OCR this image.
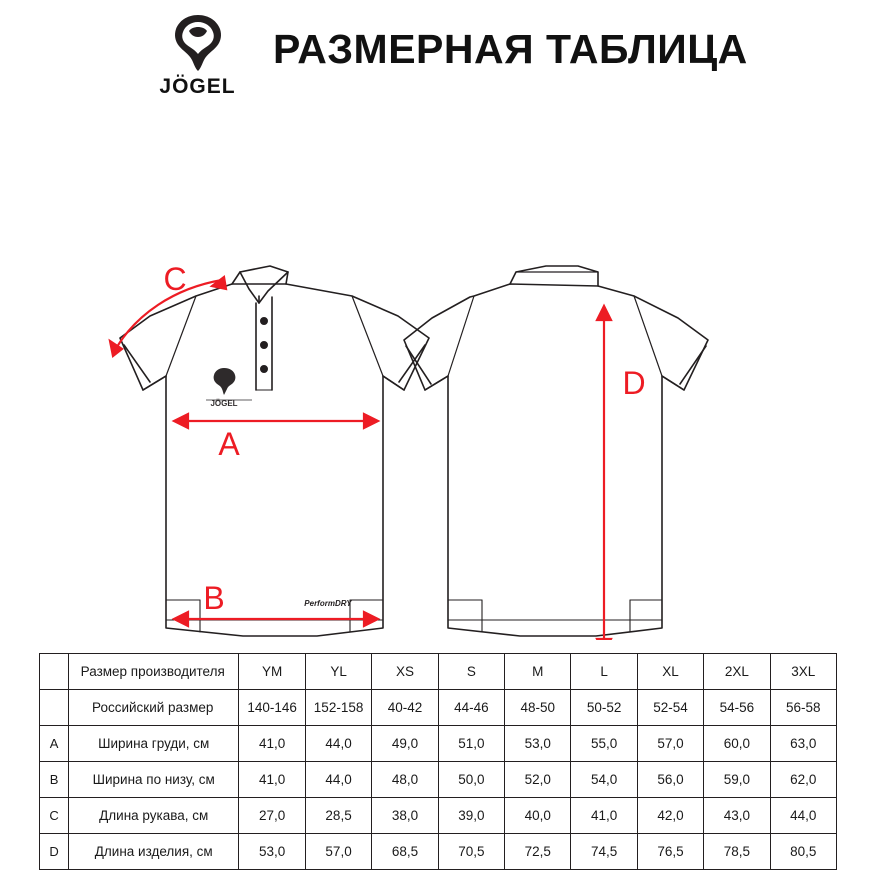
JÖGEL
РАЗМЕРНАЯ ТАБЛИЦА
JÖGEL
PerformDRY
C
A
B
D
	Размер производителя	YM	YL	XS	S	M	L	XL	2XL	3XL
	Российский размер	140-146	152-158	40-42	44-46	48-50	50-52	52-54	54-56	56-58
A	Ширина груди, см	41,0	44,0	49,0	51,0	53,0	55,0	57,0	60,0	63,0
B	Ширина по низу, см	41,0	44,0	48,0	50,0	52,0	54,0	56,0	59,0	62,0
C	Длина рукава, см	27,0	28,5	38,0	39,0	40,0	41,0	42,0	43,0	44,0
D	Длина изделия, см	53,0	57,0	68,5	70,5	72,5	74,5	76,5	78,5	80,5
